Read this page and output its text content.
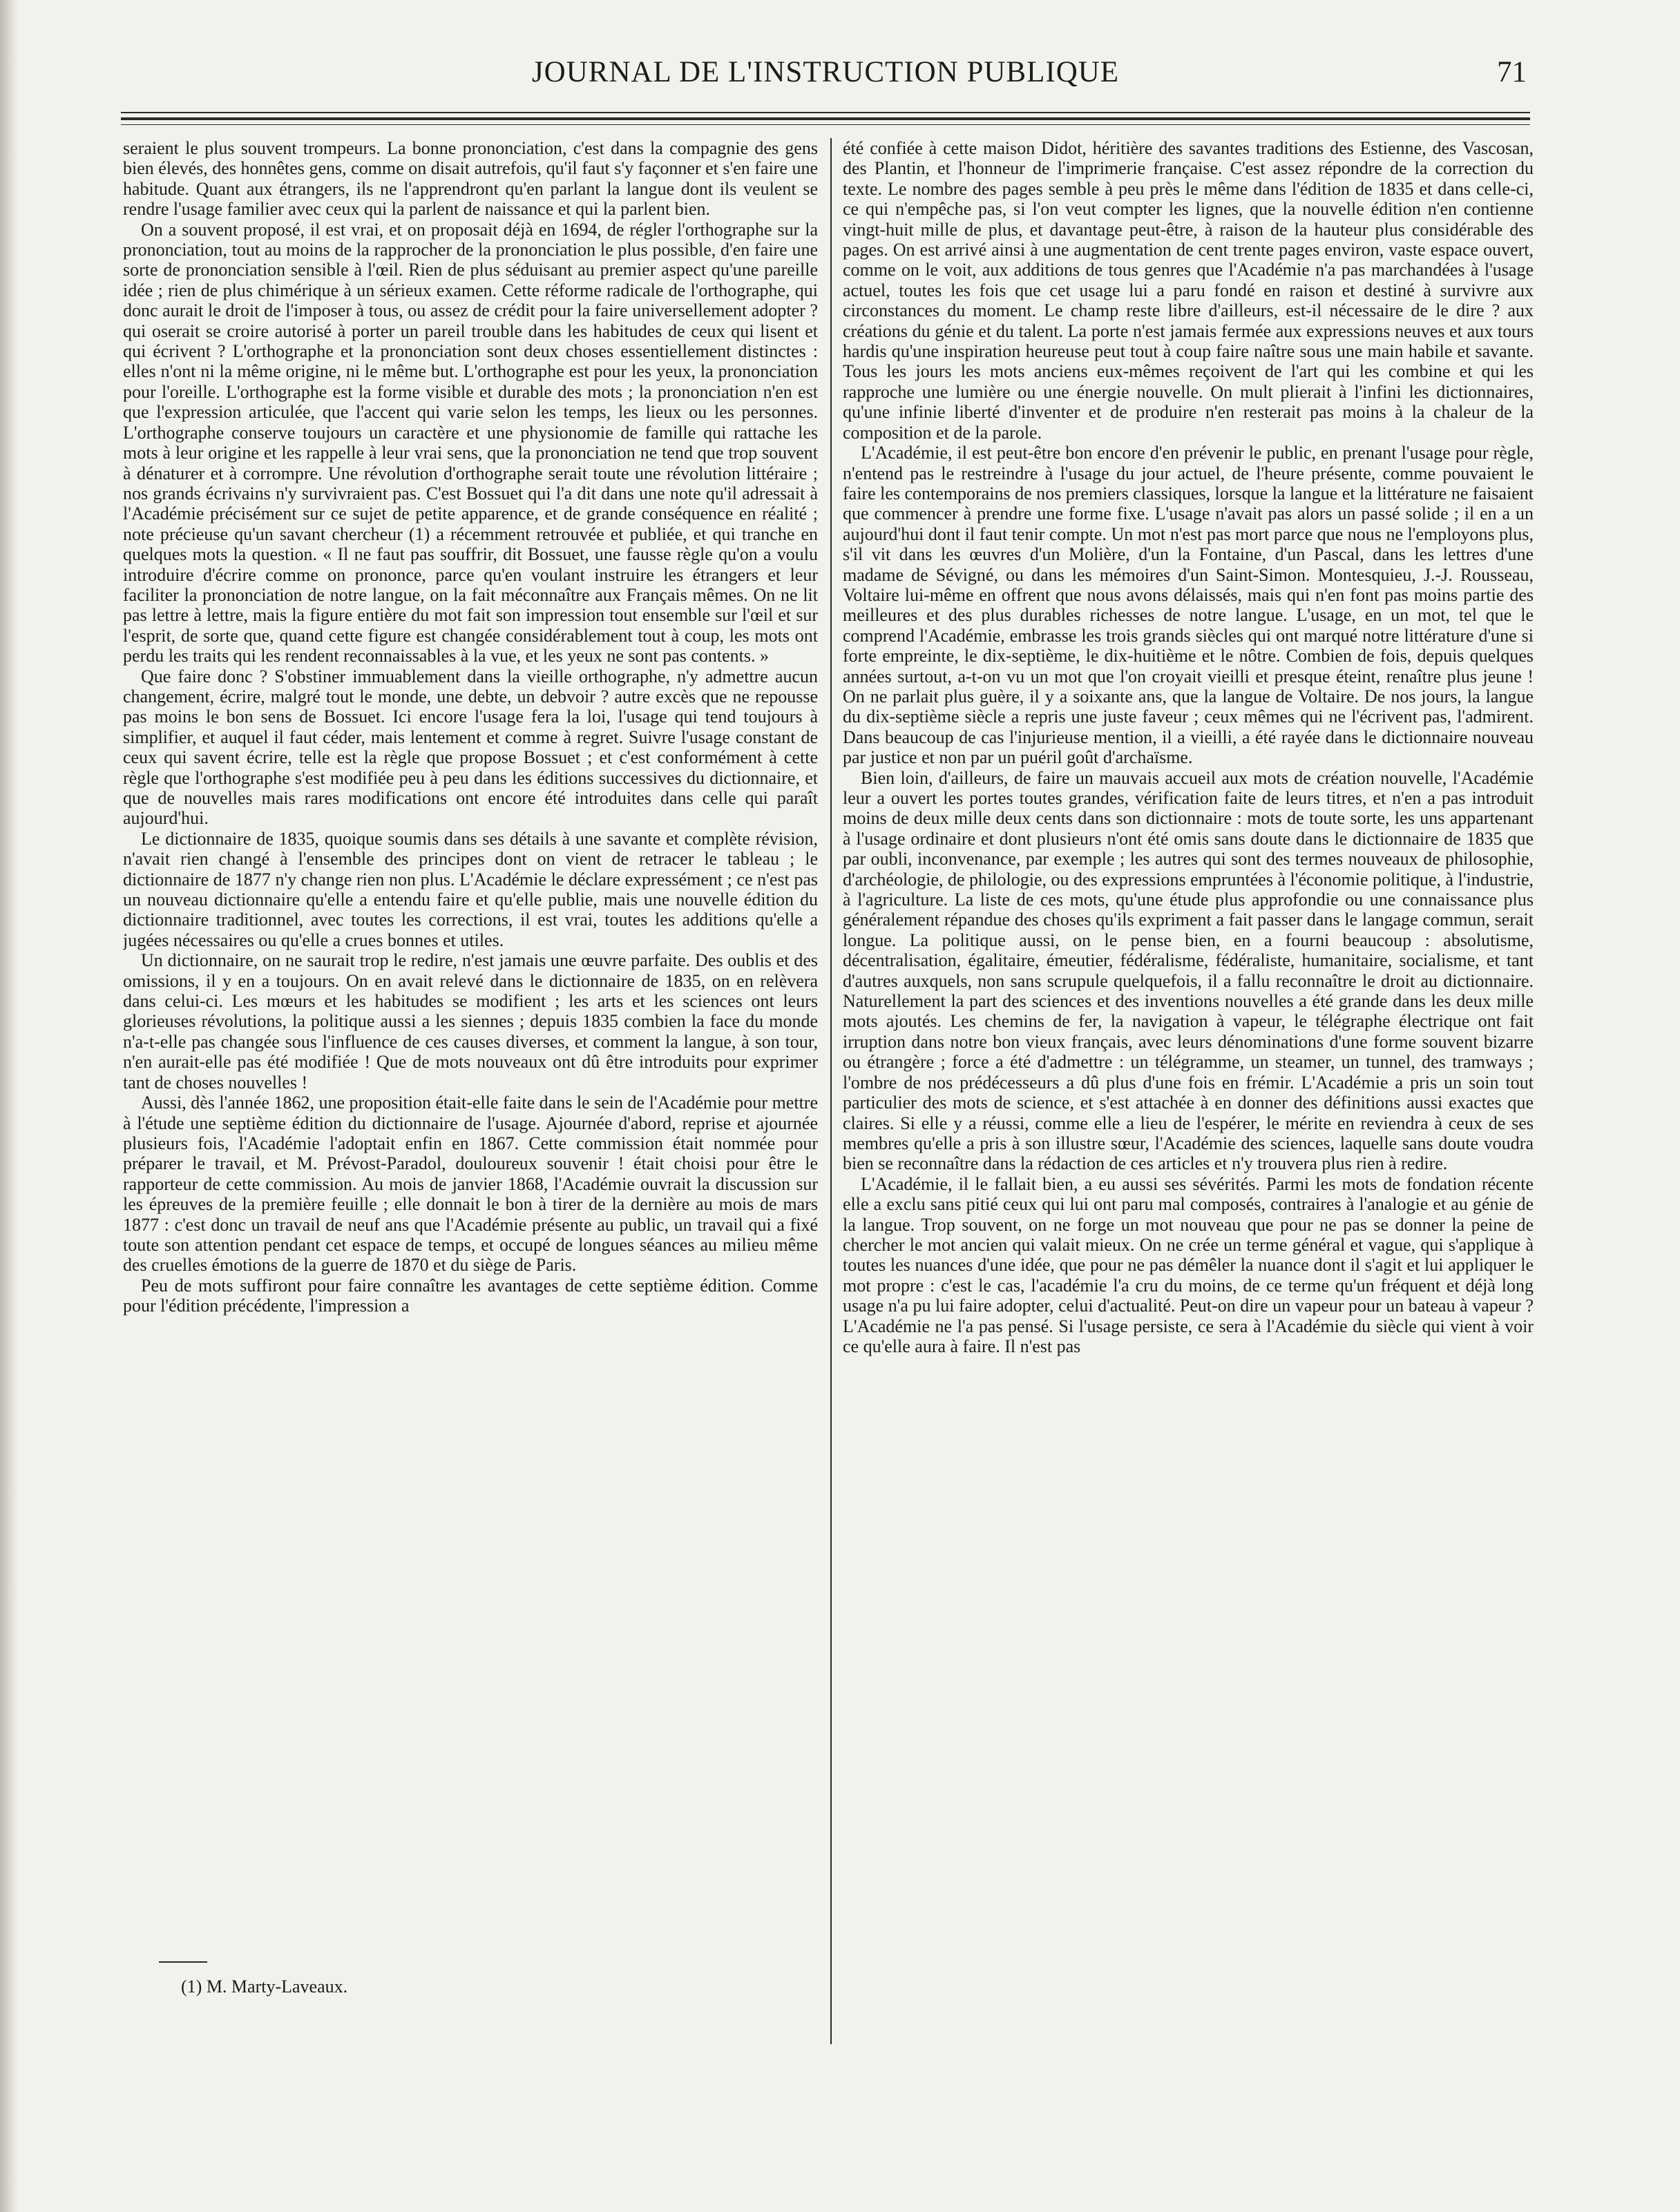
JOURNAL DE L'INSTRUCTION PUBLIQUE	71

seraient le plus souvent trompeurs. La bonne prononciation, c'est dans la compagnie des gens bien élevés, des honnêtes gens, comme on disait autrefois, qu'il faut s'y façonner et s'en faire une habitude. Quant aux étrangers, ils ne l'apprendront qu'en parlant la langue dont ils veulent se rendre l'usage familier avec ceux qui la parlent de naissance et qui la parlent bien.

On a souvent proposé, il est vrai, et on proposait déjà en 1694, de régler l'orthographe sur la prononciation, tout au moins de la rapprocher de la prononciation le plus possible, d'en faire une sorte de prononciation sensible à l'œil. Rien de plus séduisant au premier aspect qu'une pareille idée ; rien de plus chimérique à un sérieux examen. Cette réforme radicale de l'orthographe, qui donc aurait le droit de l'imposer à tous, ou assez de crédit pour la faire universellement adopter ? qui oserait se croire autorisé à porter un pareil trouble dans les habitudes de ceux qui lisent et qui écrivent ? L'orthographe et la prononciation sont deux choses essentiellement distinctes : elles n'ont ni la même origine, ni le même but. L'orthographe est pour les yeux, la prononciation pour l'oreille. L'orthographe est la forme visible et durable des mots ; la prononciation n'en est que l'expression articulée, que l'accent qui varie selon les temps, les lieux ou les personnes. L'orthographe conserve toujours un caractère et une physionomie de famille qui rattache les mots à leur origine et les rappelle à leur vrai sens, que la prononciation ne tend que trop souvent à dénaturer et à corrompre. Une révolution d'orthographe serait toute une révolution littéraire ; nos grands écrivains n'y survivraient pas. C'est Bossuet qui l'a dit dans une note qu'il adressait à l'Académie précisément sur ce sujet de petite apparence, et de grande conséquence en réalité ; note précieuse qu'un savant chercheur (1) a récemment retrouvée et publiée, et qui tranche en quelques mots la question. « Il ne faut pas souffrir, dit Bossuet, une fausse règle qu'on a voulu introduire d'écrire comme on prononce, parce qu'en voulant instruire les étrangers et leur faciliter la prononciation de notre langue, on la fait méconnaître aux Français mêmes. On ne lit pas lettre à lettre, mais la figure entière du mot fait son impression tout ensemble sur l'œil et sur l'esprit, de sorte que, quand cette figure est changée considérablement tout à coup, les mots ont perdu les traits qui les rendent reconnaissables à la vue, et les yeux ne sont pas contents. »

Que faire donc ? S'obstiner immuablement dans la vieille orthographe, n'y admettre aucun changement, écrire, malgré tout le monde, une debte, un debvoir ? autre excès que ne repousse pas moins le bon sens de Bossuet. Ici encore l'usage fera la loi, l'usage qui tend toujours à simplifier, et auquel il faut céder, mais lentement et comme à regret. Suivre l'usage constant de ceux qui savent écrire, telle est la règle que propose Bossuet ; et c'est conformément à cette règle que l'orthographe s'est modifiée peu à peu dans les éditions successives du dictionnaire, et que de nouvelles mais rares modifications ont encore été introduites dans celle qui paraît aujourd'hui.

Le dictionnaire de 1835, quoique soumis dans ses détails à une savante et complète révision, n'avait rien changé à l'ensemble des principes dont on vient de retracer le tableau ; le dictionnaire de 1877 n'y change rien non plus. L'Académie le déclare expressément ; ce n'est pas un nouveau dictionnaire qu'elle a entendu faire et qu'elle publie, mais une nouvelle édition du dictionnaire traditionnel, avec toutes les corrections, il est vrai, toutes les additions qu'elle a jugées nécessaires ou qu'elle a crues bonnes et utiles.

Un dictionnaire, on ne saurait trop le redire, n'est jamais une œuvre parfaite. Des oublis et des omissions, il y en a toujours. On en avait relevé dans le dictionnaire de 1835, on en relèvera dans celui-ci. Les mœurs et les habitudes se modifient ; les arts et les sciences ont leurs glorieuses révolutions, la politique aussi a les siennes ; depuis 1835 combien la face du monde n'a-t-elle pas changée sous l'influence de ces causes diverses, et comment la langue, à son tour, n'en aurait-elle pas été modifiée ! Que de mots nouveaux ont dû être introduits pour exprimer tant de choses nouvelles !

Aussi, dès l'année 1862, une proposition était-elle faite dans le sein de l'Académie pour mettre à l'étude une septième édition du dictionnaire de l'usage. Ajournée d'abord, reprise et ajournée plusieurs fois, l'Académie l'adoptait enfin en 1867. Cette commission était nommée pour préparer le travail, et M. Prévost-Paradol, douloureux souvenir ! était choisi pour être le rapporteur de cette commission. Au mois de janvier 1868, l'Académie ouvrait la discussion sur les épreuves de la première feuille ; elle donnait le bon à tirer de la dernière au mois de mars 1877 : c'est donc un travail de neuf ans que l'Académie présente au public, un travail qui a fixé toute son attention pendant cet espace de temps, et occupé de longues séances au milieu même des cruelles émotions de la guerre de 1870 et du siège de Paris.

Peu de mots suffiront pour faire connaître les avantages de cette septième édition. Comme pour l'édition précédente, l'impression a

été confiée à cette maison Didot, héritière des savantes traditions des Estienne, des Vascosan, des Plantin, et l'honneur de l'imprimerie française. C'est assez répondre de la correction du texte. Le nombre des pages semble à peu près le même dans l'édition de 1835 et dans celle-ci, ce qui n'empêche pas, si l'on veut compter les lignes, que la nouvelle édition n'en contienne vingt-huit mille de plus, et davantage peut-être, à raison de la hauteur plus considérable des pages. On est arrivé ainsi à une augmentation de cent trente pages environ, vaste espace ouvert, comme on le voit, aux additions de tous genres que l'Académie n'a pas marchandées à l'usage actuel, toutes les fois que cet usage lui a paru fondé en raison et destiné à survivre aux circonstances du moment. Le champ reste libre d'ailleurs, est-il nécessaire de le dire ? aux créations du génie et du talent. La porte n'est jamais fermée aux expressions neuves et aux tours hardis qu'une inspiration heureuse peut tout à coup faire naître sous une main habile et savante. Tous les jours les mots anciens eux-mêmes reçoivent de l'art qui les combine et qui les rapproche une lumière ou une énergie nouvelle. On mult plierait à l'infini les dictionnaires, qu'une infinie liberté d'inventer et de produire n'en resterait pas moins à la chaleur de la composition et de la parole.

L'Académie, il est peut-être bon encore d'en prévenir le public, en prenant l'usage pour règle, n'entend pas le restreindre à l'usage du jour actuel, de l'heure présente, comme pouvaient le faire les contemporains de nos premiers classiques, lorsque la langue et la littérature ne faisaient que commencer à prendre une forme fixe. L'usage n'avait pas alors un passé solide ; il en a un aujourd'hui dont il faut tenir compte. Un mot n'est pas mort parce que nous ne l'employons plus, s'il vit dans les œuvres d'un Molière, d'un la Fontaine, d'un Pascal, dans les lettres d'une madame de Sévigné, ou dans les mémoires d'un Saint-Simon. Montesquieu, J.-J. Rousseau, Voltaire lui-même en offrent que nous avons délaissés, mais qui n'en font pas moins partie des meilleures et des plus durables richesses de notre langue. L'usage, en un mot, tel que le comprend l'Académie, embrasse les trois grands siècles qui ont marqué notre littérature d'une si forte empreinte, le dix-septième, le dix-huitième et le nôtre. Combien de fois, depuis quelques années surtout, a-t-on vu un mot que l'on croyait vieilli et presque éteint, renaître plus jeune ! On ne parlait plus guère, il y a soixante ans, que la langue de Voltaire. De nos jours, la langue du dix-septième siècle a repris une juste faveur ; ceux mêmes qui ne l'écrivent pas, l'admirent. Dans beaucoup de cas l'injurieuse mention, il a vieilli, a été rayée dans le dictionnaire nouveau par justice et non par un puéril goût d'archaïsme.

Bien loin, d'ailleurs, de faire un mauvais accueil aux mots de création nouvelle, l'Académie leur a ouvert les portes toutes grandes, vérification faite de leurs titres, et n'en a pas introduit moins de deux mille deux cents dans son dictionnaire : mots de toute sorte, les uns appartenant à l'usage ordinaire et dont plusieurs n'ont été omis sans doute dans le dictionnaire de 1835 que par oubli, inconvenance, par exemple ; les autres qui sont des termes nouveaux de philosophie, d'archéologie, de philologie, ou des expressions empruntées à l'économie politique, à l'industrie, à l'agriculture. La liste de ces mots, qu'une étude plus approfondie ou une connaissance plus généralement répandue des choses qu'ils expriment a fait passer dans le langage commun, serait longue. La politique aussi, on le pense bien, en a fourni beaucoup : absolutisme, décentralisation, égalitaire, émeutier, fédéralisme, fédéraliste, humanitaire, socialisme, et tant d'autres auxquels, non sans scrupule quelquefois, il a fallu reconnaître le droit au dictionnaire. Naturellement la part des sciences et des inventions nouvelles a été grande dans les deux mille mots ajoutés. Les chemins de fer, la navigation à vapeur, le télégraphe électrique ont fait irruption dans notre bon vieux français, avec leurs dénominations d'une forme souvent bizarre ou étrangère ; force a été d'admettre : un télégramme, un steamer, un tunnel, des tramways ; l'ombre de nos prédécesseurs a dû plus d'une fois en frémir. L'Académie a pris un soin tout particulier des mots de science, et s'est attachée à en donner des définitions aussi exactes que claires. Si elle y a réussi, comme elle a lieu de l'espérer, le mérite en reviendra à ceux de ses membres qu'elle a pris à son illustre sœur, l'Académie des sciences, laquelle sans doute voudra bien se reconnaître dans la rédaction de ces articles et n'y trouvera plus rien à redire.

L'Académie, il le fallait bien, a eu aussi ses sévérités. Parmi les mots de fondation récente elle a exclu sans pitié ceux qui lui ont paru mal composés, contraires à l'analogie et au génie de la langue. Trop souvent, on ne forge un mot nouveau que pour ne pas se donner la peine de chercher le mot ancien qui valait mieux. On ne crée un terme général et vague, qui s'applique à toutes les nuances d'une idée, que pour ne pas démêler la nuance dont il s'agit et lui appliquer le mot propre : c'est le cas, l'académie l'a cru du moins, de ce terme qu'un fréquent et déjà long usage n'a pu lui faire adopter, celui d'actualité. Peut-on dire un vapeur pour un bateau à vapeur ? L'Académie ne l'a pas pensé. Si l'usage persiste, ce sera à l'Académie du siècle qui vient à voir ce qu'elle aura à faire. Il n'est pas

(1) M. Marty-Laveaux.
